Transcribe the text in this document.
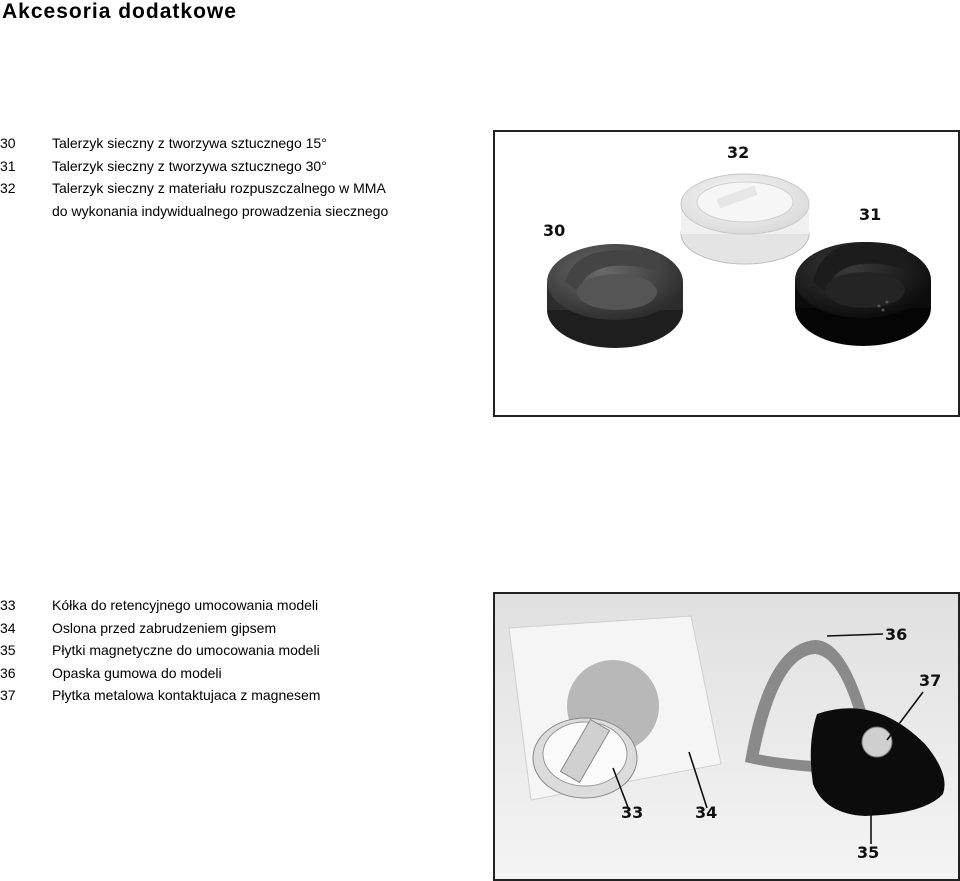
Akcesoria dodatkowe
30	Talerzyk sieczny z tworzywa sztucznego 15°
31	Talerzyk sieczny z tworzywa sztucznego 30°
32	Talerzyk sieczny z materiału rozpuszczalnego w MMA
do wykonania indywidualnego prowadzenia siecznego
30
32
31
33	Kółka do retencyjnego umocowania modeli
34	Oslona przed zabrudzeniem gipsem
35	Płytki magnetyczne do umocowania modeli
36	Opaska gumowa do modeli
37	Płytka metalowa kontaktujaca z magnesem
33	34
35
36
37
